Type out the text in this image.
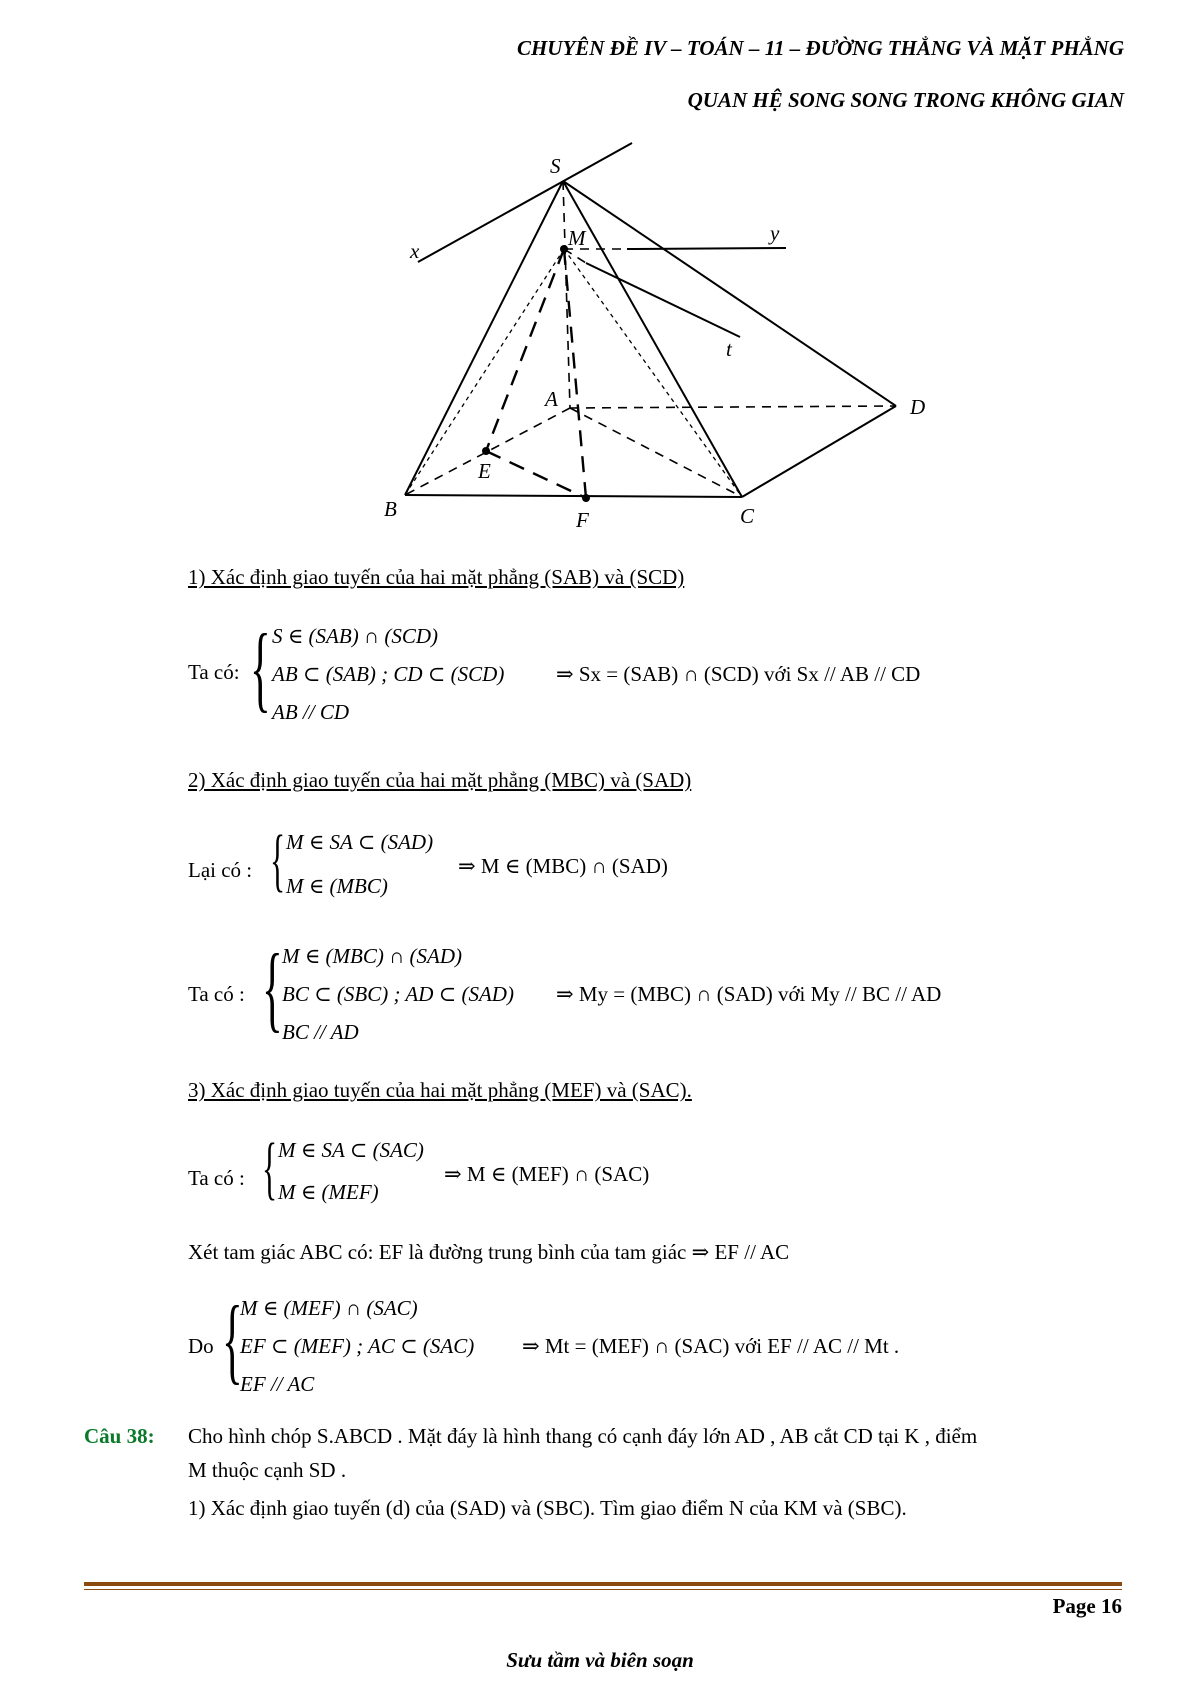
CHUYÊN ĐỀ IV – TOÁN – 11 – ĐƯỜNG THẲNG VÀ MẶT PHẲNG
QUAN HỆ SONG SONG TRONG KHÔNG GIAN
S
M
x
y
t
A	D
E
B	F	C
1) Xác định giao tuyến của hai mặt phẳng (SAB) và (SCD)
Ta có: { S ∈ (SAB) ∩ (SCD)
AB ⊂ (SAB) ; CD ⊂ (SCD)
AB // CD
⇒ Sx = (SAB) ∩ (SCD) với Sx // AB // CD
2) Xác định giao tuyến của hai mặt phẳng (MBC) và (SAD)
Lại có : { M ∈ SA ⊂ (SAD)
M ∈ (MBC)
⇒ M ∈ (MBC) ∩ (SAD)
Ta có : { M ∈ (MBC) ∩ (SAD)
BC ⊂ (SBC) ; AD ⊂ (SAD)
BC // AD
⇒ My = (MBC) ∩ (SAD) với My // BC // AD
3) Xác định giao tuyến của hai mặt phẳng (MEF) và (SAC).
Ta có : { M ∈ SA ⊂ (SAC)
M ∈ (MEF)
⇒ M ∈ (MEF) ∩ (SAC)
Xét tam giác ABC có: EF là đường trung bình của tam giác ⇒ EF // AC
Do {
M ∈ (MEF) ∩ (SAC)
EF ⊂ (MEF) ; AC ⊂ (SAC)
EF // AC
⇒ Mt = (MEF) ∩ (SAC) với EF // AC // Mt .
Câu 38: Cho hình chóp S.ABCD . Mặt đáy là hình thang có cạnh đáy lớn AD , AB cắt CD tại K , điểm
M thuộc cạnh SD .
1) Xác định giao tuyến (d) của (SAD) và (SBC). Tìm giao điểm N của KM và (SBC).
Page 16
Sưu tầm và biên soạn
